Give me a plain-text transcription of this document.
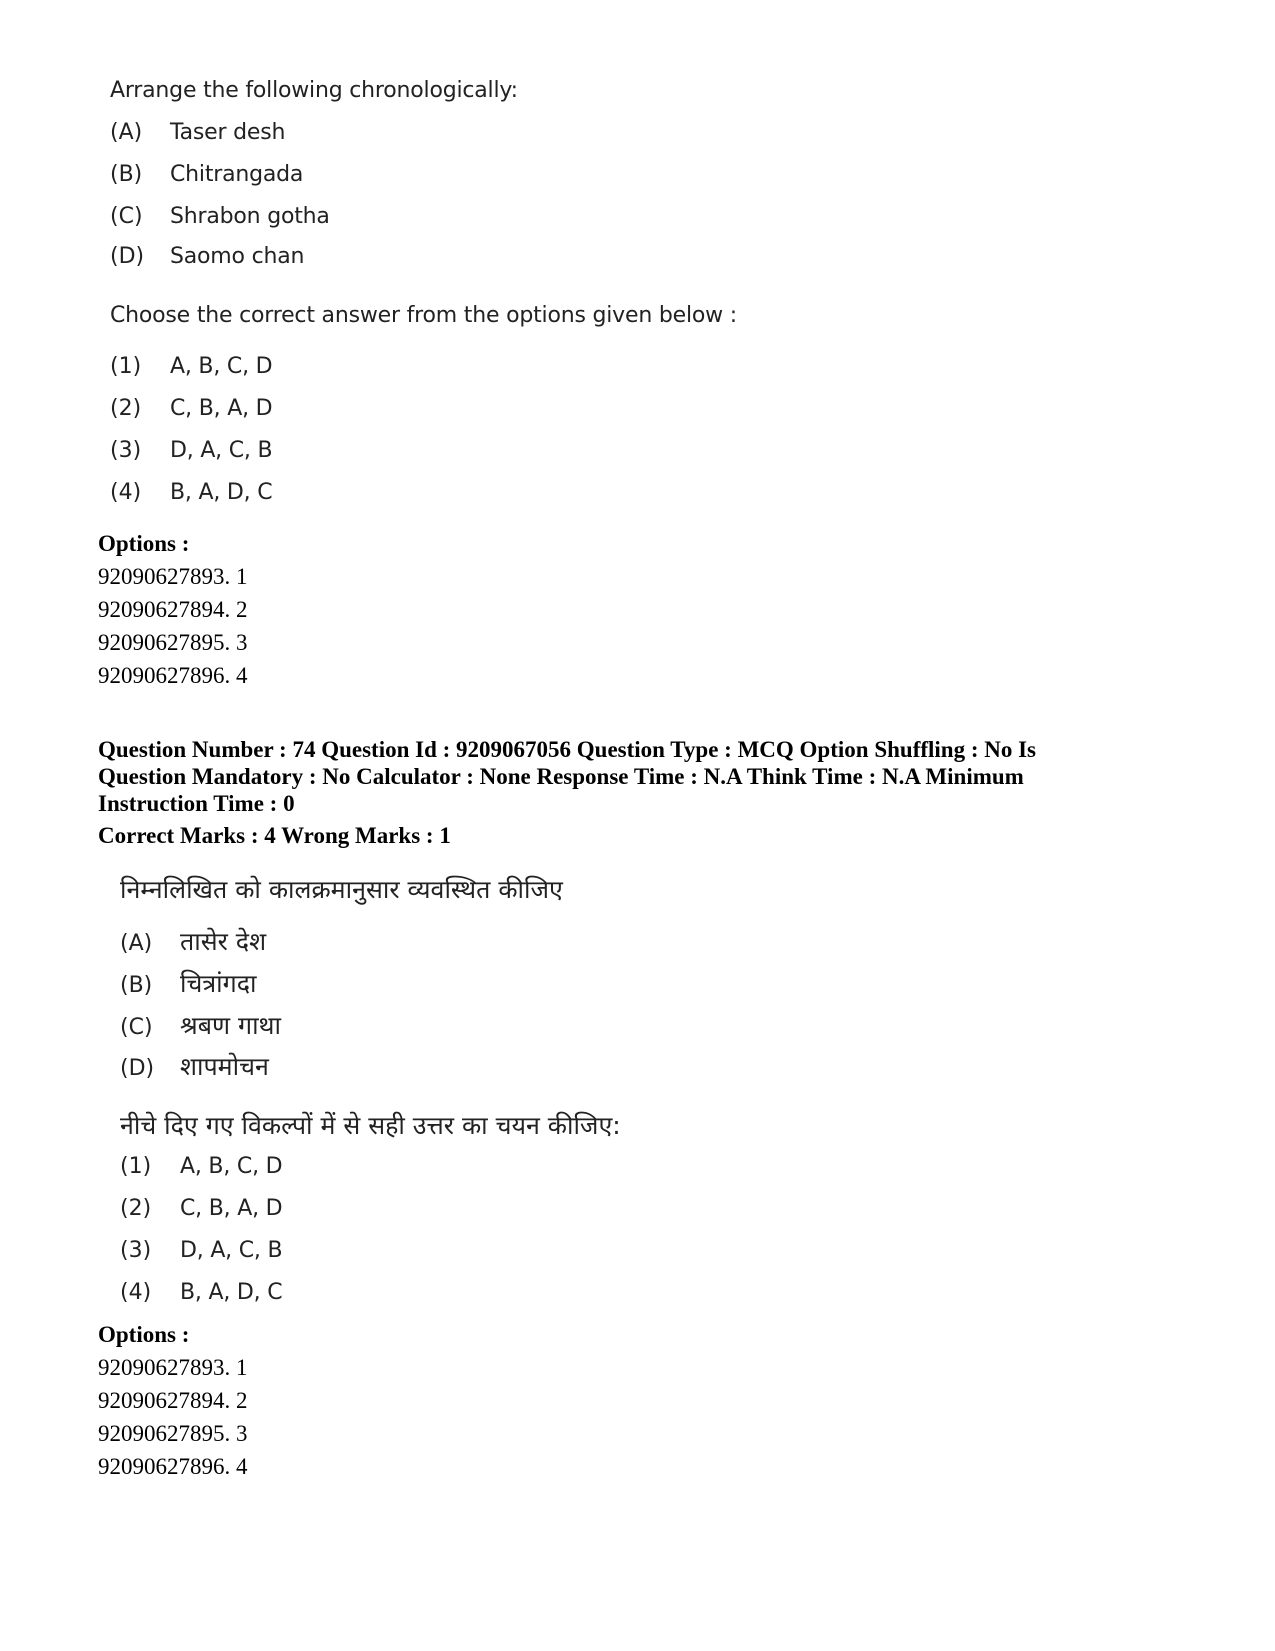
Arrange the following chronologically:
(A) Taser desh
(B) Chitrangada
(C) Shrabon gotha
(D) Saomo chan
Choose the correct answer from the options given below :
(1) A, B, C, D
(2) C, B, A, D
(3) D, A, C, B
(4) B, A, D, C
Options :
92090627893. 1
92090627894. 2
92090627895. 3
92090627896. 4
Question Number : 74 Question Id : 9209067056 Question Type : MCQ Option Shuffling : No Is
Question Mandatory : No Calculator : None Response Time : N.A Think Time : N.A Minimum
Instruction Time : 0
Correct Marks : 4 Wrong Marks : 1
निम्नलिखित को कालक्रमानुसार व्यवस्थित कीजिए
(A) तासेर देश
(B) चित्रांगदा
(C) श्रबण गाथा
(D) शापमोचन
नीचे दिए गए विकल्पों में से सही उत्तर का चयन कीजिए:
(1) A, B, C, D
(2) C, B, A, D
(3) D, A, C, B
(4) B, A, D, C
Options :
92090627893. 1
92090627894. 2
92090627895. 3
92090627896. 4
